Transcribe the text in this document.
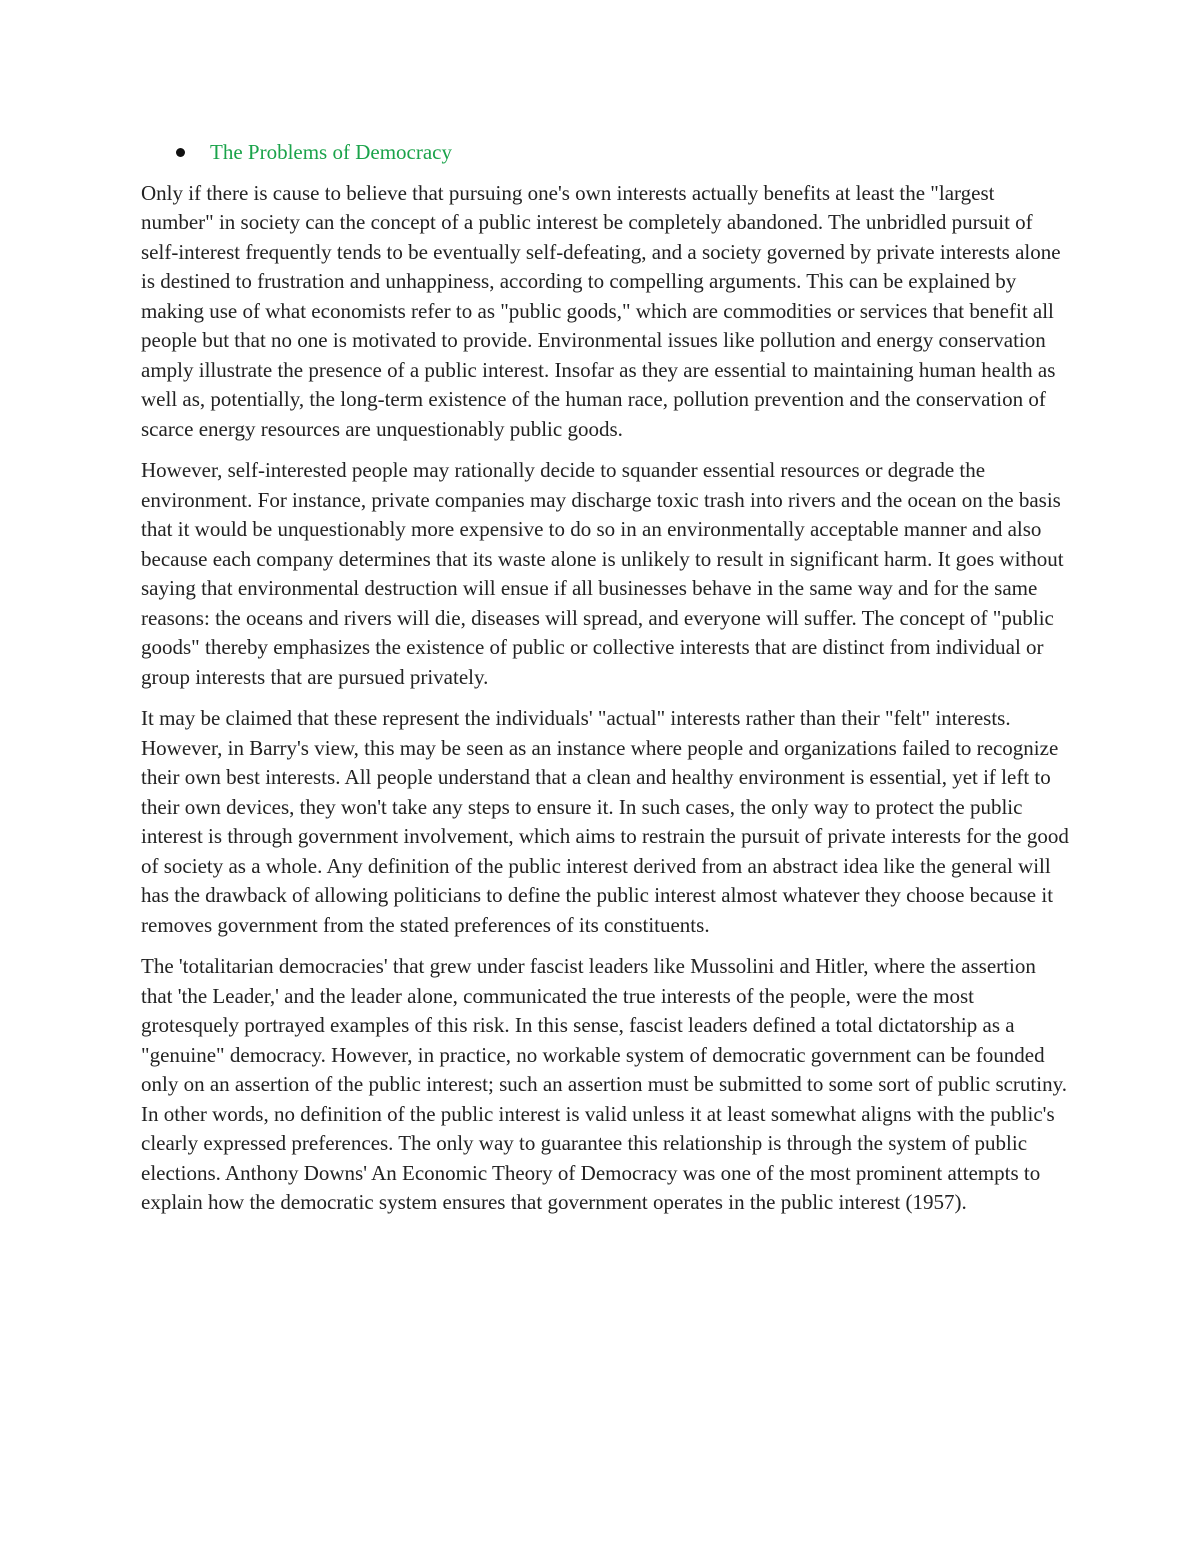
The Problems of Democracy

Only if there is cause to believe that pursuing one's own interests actually benefits at least the "largest number" in society can the concept of a public interest be completely abandoned. The unbridled pursuit of self-interest frequently tends to be eventually self-defeating, and a society governed by private interests alone is destined to frustration and unhappiness, according to compelling arguments. This can be explained by making use of what economists refer to as "public goods," which are commodities or services that benefit all people but that no one is motivated to provide. Environmental issues like pollution and energy conservation amply illustrate the presence of a public interest. Insofar as they are essential to maintaining human health as well as, potentially, the long-term existence of the human race, pollution prevention and the conservation of scarce energy resources are unquestionably public goods.

However, self-interested people may rationally decide to squander essential resources or degrade the environment. For instance, private companies may discharge toxic trash into rivers and the ocean on the basis that it would be unquestionably more expensive to do so in an environmentally acceptable manner and also because each company determines that its waste alone is unlikely to result in significant harm. It goes without saying that environmental destruction will ensue if all businesses behave in the same way and for the same reasons: the oceans and rivers will die, diseases will spread, and everyone will suffer. The concept of "public goods" thereby emphasizes the existence of public or collective interests that are distinct from individual or group interests that are pursued privately.

It may be claimed that these represent the individuals' "actual" interests rather than their "felt" interests. However, in Barry's view, this may be seen as an instance where people and organizations failed to recognize their own best interests. All people understand that a clean and healthy environment is essential, yet if left to their own devices, they won't take any steps to ensure it. In such cases, the only way to protect the public interest is through government involvement, which aims to restrain the pursuit of private interests for the good of society as a whole. Any definition of the public interest derived from an abstract idea like the general will has the drawback of allowing politicians to define the public interest almost whatever they choose because it removes government from the stated preferences of its constituents.

The 'totalitarian democracies' that grew under fascist leaders like Mussolini and Hitler, where the assertion that 'the Leader,' and the leader alone, communicated the true interests of the people, were the most grotesquely portrayed examples of this risk. In this sense, fascist leaders defined a total dictatorship as a "genuine" democracy. However, in practice, no workable system of democratic government can be founded only on an assertion of the public interest; such an assertion must be submitted to some sort of public scrutiny. In other words, no definition of the public interest is valid unless it at least somewhat aligns with the public's clearly expressed preferences. The only way to guarantee this relationship is through the system of public elections. Anthony Downs' An Economic Theory of Democracy was one of the most prominent attempts to explain how the democratic system ensures that government operates in the public interest (1957).
